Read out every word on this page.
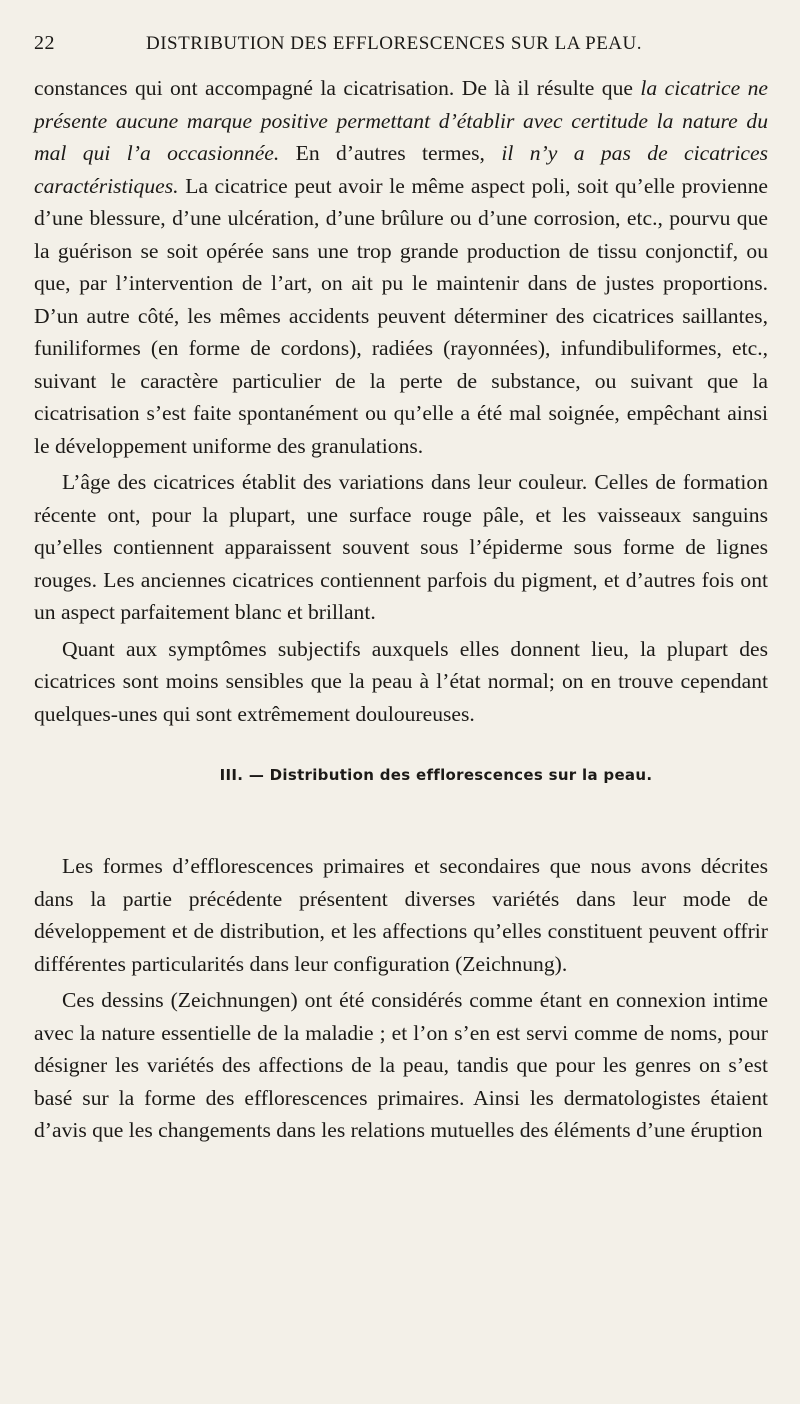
22	DISTRIBUTION DES EFFLORESCENCES SUR LA PEAU.

constances qui ont accompagné la cicatrisation. De là il résulte que la cicatrice ne présente aucune marque positive permettant d’établir avec certitude la nature du mal qui l’a occasionnée. En d’autres termes, il n’y a pas de cicatrices caractéristiques. La cicatrice peut avoir le même aspect poli, soit qu’elle provienne d’une blessure, d’une ulcération, d’une brûlure ou d’une corrosion, etc., pourvu que la guérison se soit opérée sans une trop grande production de tissu conjonctif, ou que, par l’intervention de l’art, on ait pu le maintenir dans de justes proportions. D’un autre côté, les mêmes accidents peuvent déterminer des cicatrices saillantes, funiliformes (en forme de cordons), radiées (rayonnées), infundibuliformes, etc., suivant le caractère particulier de la perte de substance, ou suivant que la cicatrisation s’est faite spontanément ou qu’elle a été mal soignée, empêchant ainsi le développement uniforme des granulations.

L’âge des cicatrices établit des variations dans leur couleur. Celles de formation récente ont, pour la plupart, une surface rouge pâle, et les vaisseaux sanguins qu’elles contiennent apparaissent souvent sous l’épiderme sous forme de lignes rouges. Les anciennes cicatrices contiennent parfois du pigment, et d’autres fois ont un aspect parfaitement blanc et brillant.

Quant aux symptômes subjectifs auxquels elles donnent lieu, la plupart des cicatrices sont moins sensibles que la peau à l’état normal; on en trouve cependant quelques-unes qui sont extrêmement douloureuses.

III. — Distribution des efflorescences sur la peau.

Les formes d’efflorescences primaires et secondaires que nous avons décrites dans la partie précédente présentent diverses variétés dans leur mode de développement et de distribution, et les affections qu’elles constituent peuvent offrir différentes particularités dans leur configuration (Zeichnung).

Ces dessins (Zeichnungen) ont été considérés comme étant en connexion intime avec la nature essentielle de la maladie ; et l’on s’en est servi comme de noms, pour désigner les variétés des affections de la peau, tandis que pour les genres on s’est basé sur la forme des efflorescences primaires. Ainsi les dermatologistes étaient d’avis que les changements dans les relations mutuelles des éléments d’une éruption
